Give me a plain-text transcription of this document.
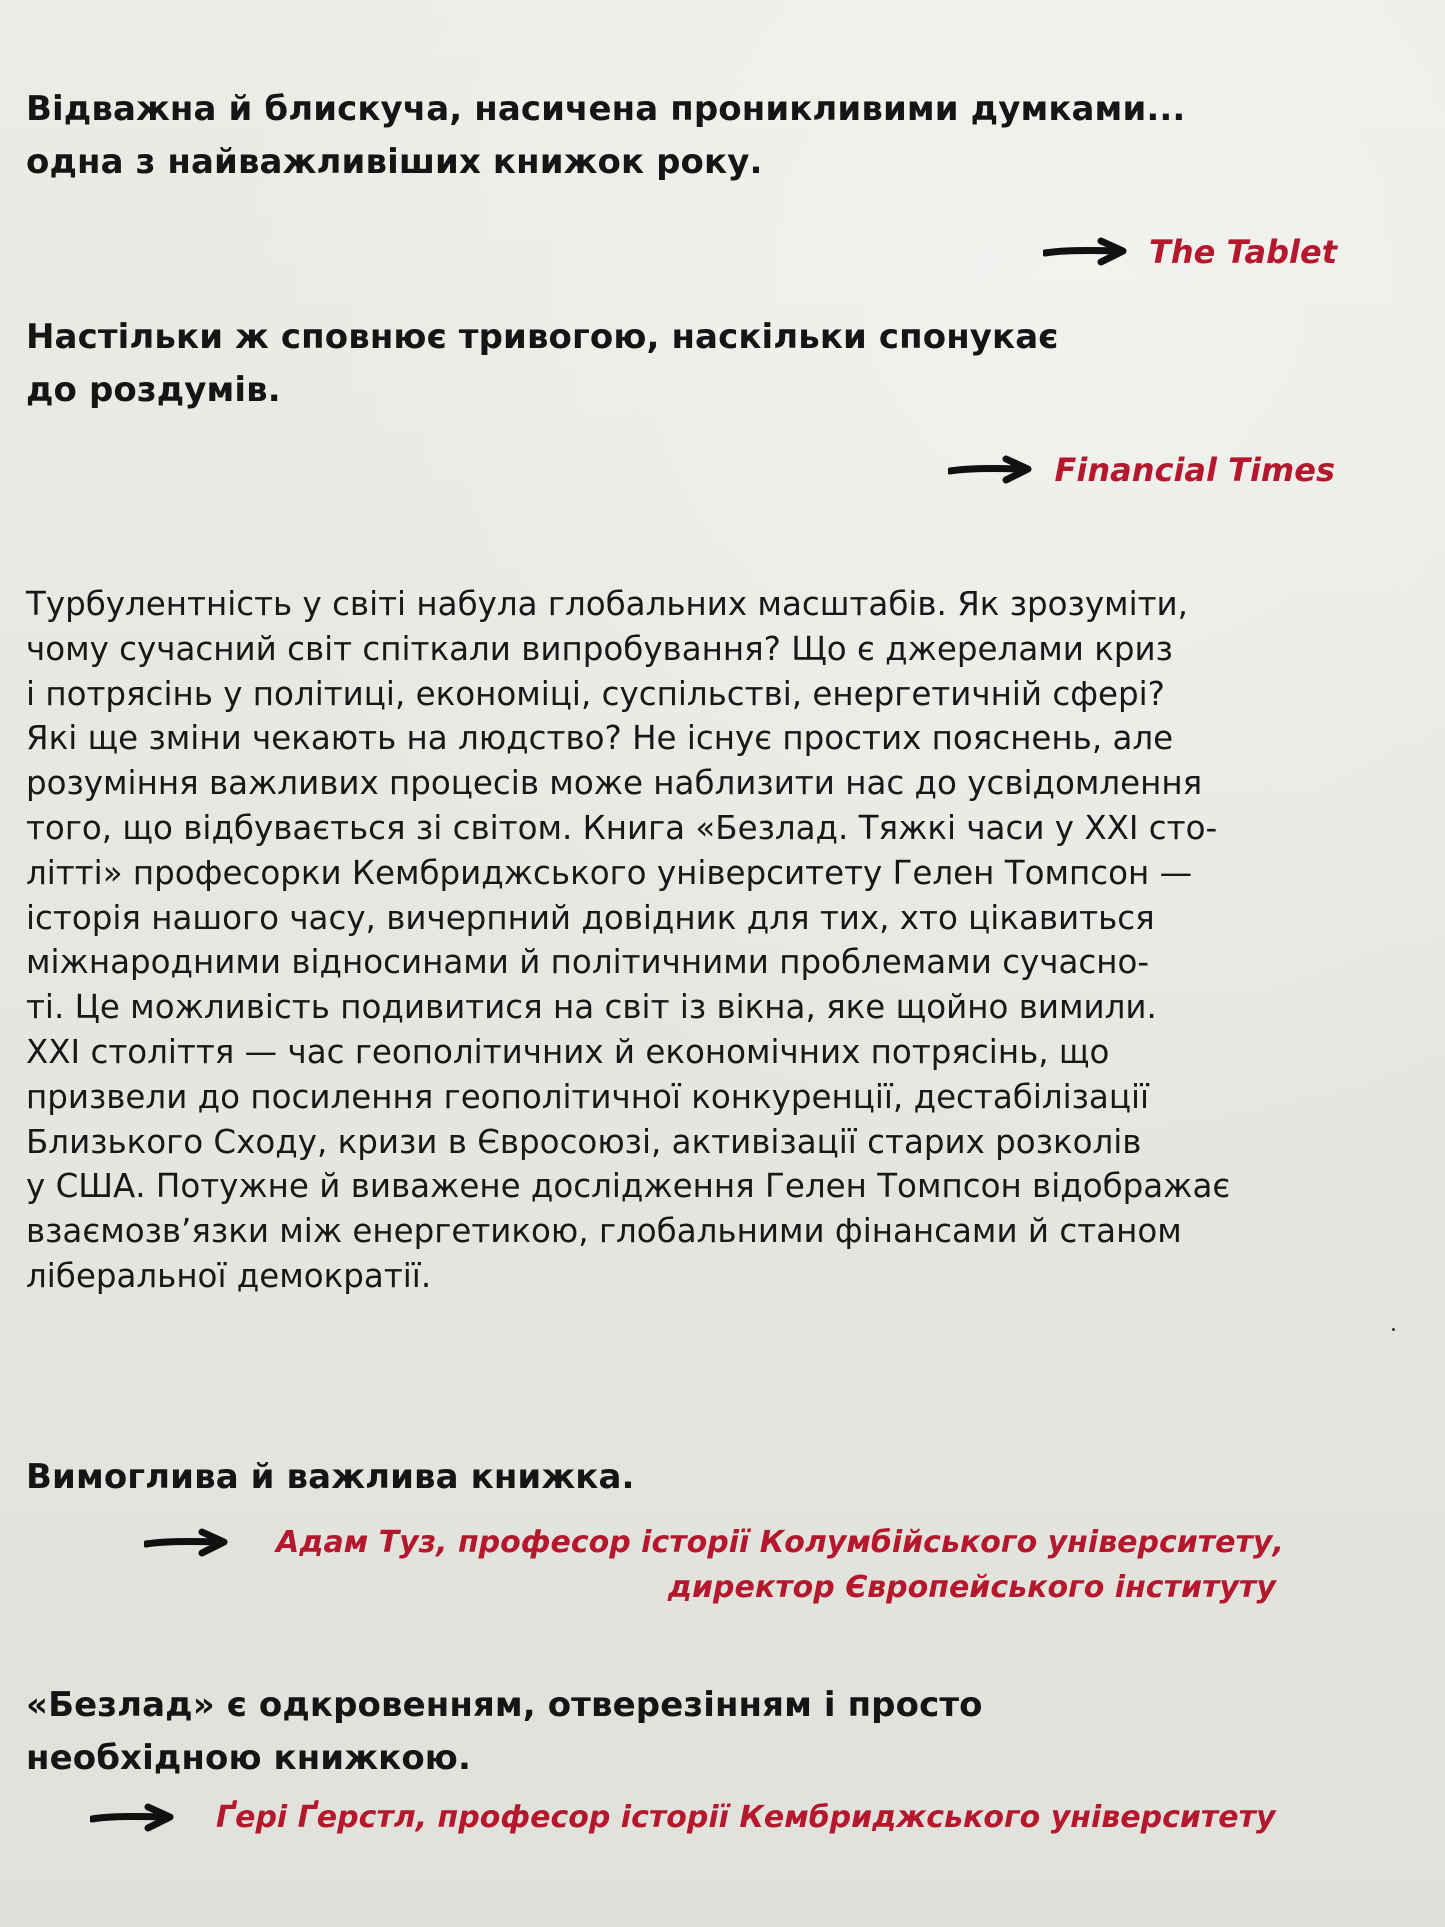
Відважна й блискуча, насичена проникливими думками...
одна з найважливіших книжок року.

The Tablet

Настільки ж сповнює тривогою, наскільки спонукає
до роздумів.

Financial Times
Турбулентність у світі набула глобальних масштабів. Як зрозуміти,
чому сучасний світ спіткали випробування? Що є джерелами криз
і потрясінь у політиці, економіці, суспільстві, енергетичній сфері?
Які ще зміни чекають на людство? Не існує простих пояснень, але
розуміння важливих процесів може наблизити нас до усвідомлення
того, що відбувається зі світом. Книга «Безлад. Тяжкі часи у XXI сто-
літті» професорки Кембриджського університету Гелен Томпсон —
історія нашого часу, вичерпний довідник для тих, хто цікавиться
міжнародними відносинами й політичними проблемами сучасно-
ті. Це можливість подивитися на світ із вікна, яке щойно вимили.
XXI століття — час геополітичних й економічних потрясінь, що
призвели до посилення геополітичної конкуренції, дестабілізації
Близького Сходу, кризи в Євросоюзі, активізації старих розколів
у США. Потужне й виважене дослідження Гелен Томпсон відображає
взаємозв’язки між енергетикою, глобальними фінансами й станом
ліберальної демократії.

Вимоглива й важлива книжка.

Адам Туз, професор історії Колумбійського університету,
директор Європейського інституту

«Безлад» є одкровенням, отверезінням і просто
необхідною книжкою.

Ґері Ґерстл, професор історії Кембриджського університету
